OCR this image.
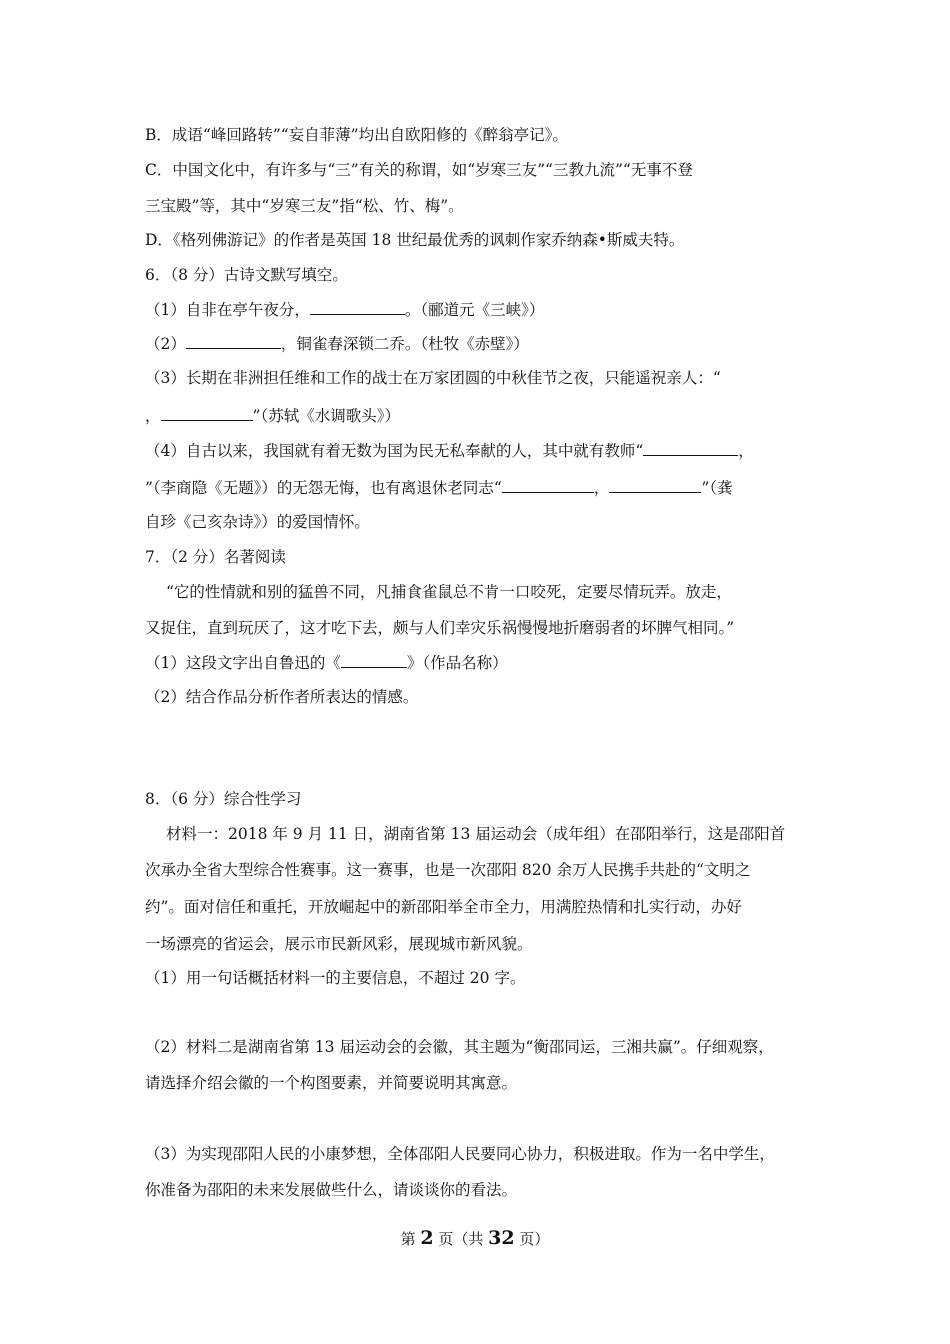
B．成语“峰回路转”“妄自菲薄”均出自欧阳修的《醉翁亭记》。
C．中国文化中，有许多与“三”有关的称谓，如“岁寒三友”“三教九流”“无事不登
三宝殿”等，其中“岁寒三友”指“松、竹、梅”。
D．《格列佛游记》的作者是英国 18 世纪最优秀的讽刺作家乔纳森•斯威夫特。
6．（8 分）古诗文默写填空。
（1）自非在亭午夜分，	。（郦道元《三峡》）
（2）	，铜雀春深锁二乔。（杜牧《赤壁》）
（3）长期在非洲担任维和工作的战士在万家团圆的中秋佳节之夜，只能遥祝亲人：“
，	”（苏轼《水调歌头》）
（4）自古以来，我国就有着无数为国为民无私奉献的人，其中就有教师“	，
”（李商隐《无题》）的无怨无悔，也有离退休老同志“	，	”（龚
自珍《己亥杂诗》）的爱国情怀。
7．（2 分）名著阅读
“它的性情就和别的猛兽不同，凡捕食雀鼠总不肯一口咬死，定要尽情玩弄。放走，
又捉住，直到玩厌了，这才吃下去，颇与人们幸灾乐祸慢慢地折磨弱者的坏脾气相同。”
（1）这段文字出自鲁迅的《	》（作品名称）
（2）结合作品分析作者所表达的情感。
8．（6 分）综合性学习
材料一：2018 年 9 月 11 日，湖南省第 13 届运动会（成年组）在邵阳举行，这是邵阳首
次承办全省大型综合性赛事。这一赛事，也是一次邵阳 820 余万人民携手共赴的“文明之
约”。面对信任和重托，开放崛起中的新邵阳举全市全力，用满腔热情和扎实行动，办好
一场漂亮的省运会，展示市民新风彩，展现城市新风貌。
（1）用一句话概括材料一的主要信息，不超过 20 字。
（2）材料二是湖南省第 13 届运动会的会徽，其主题为“衡邵同运，三湘共赢”。仔细观察，
请选择介绍会徽的一个构图要素，并简要说明其寓意。
（3）为实现邵阳人民的小康梦想，全体邵阳人民要同心协力，积极进取。作为一名中学生，
你准备为邵阳的未来发展做些什么，请谈谈你的看法。
第 2 页（共 32 页）
